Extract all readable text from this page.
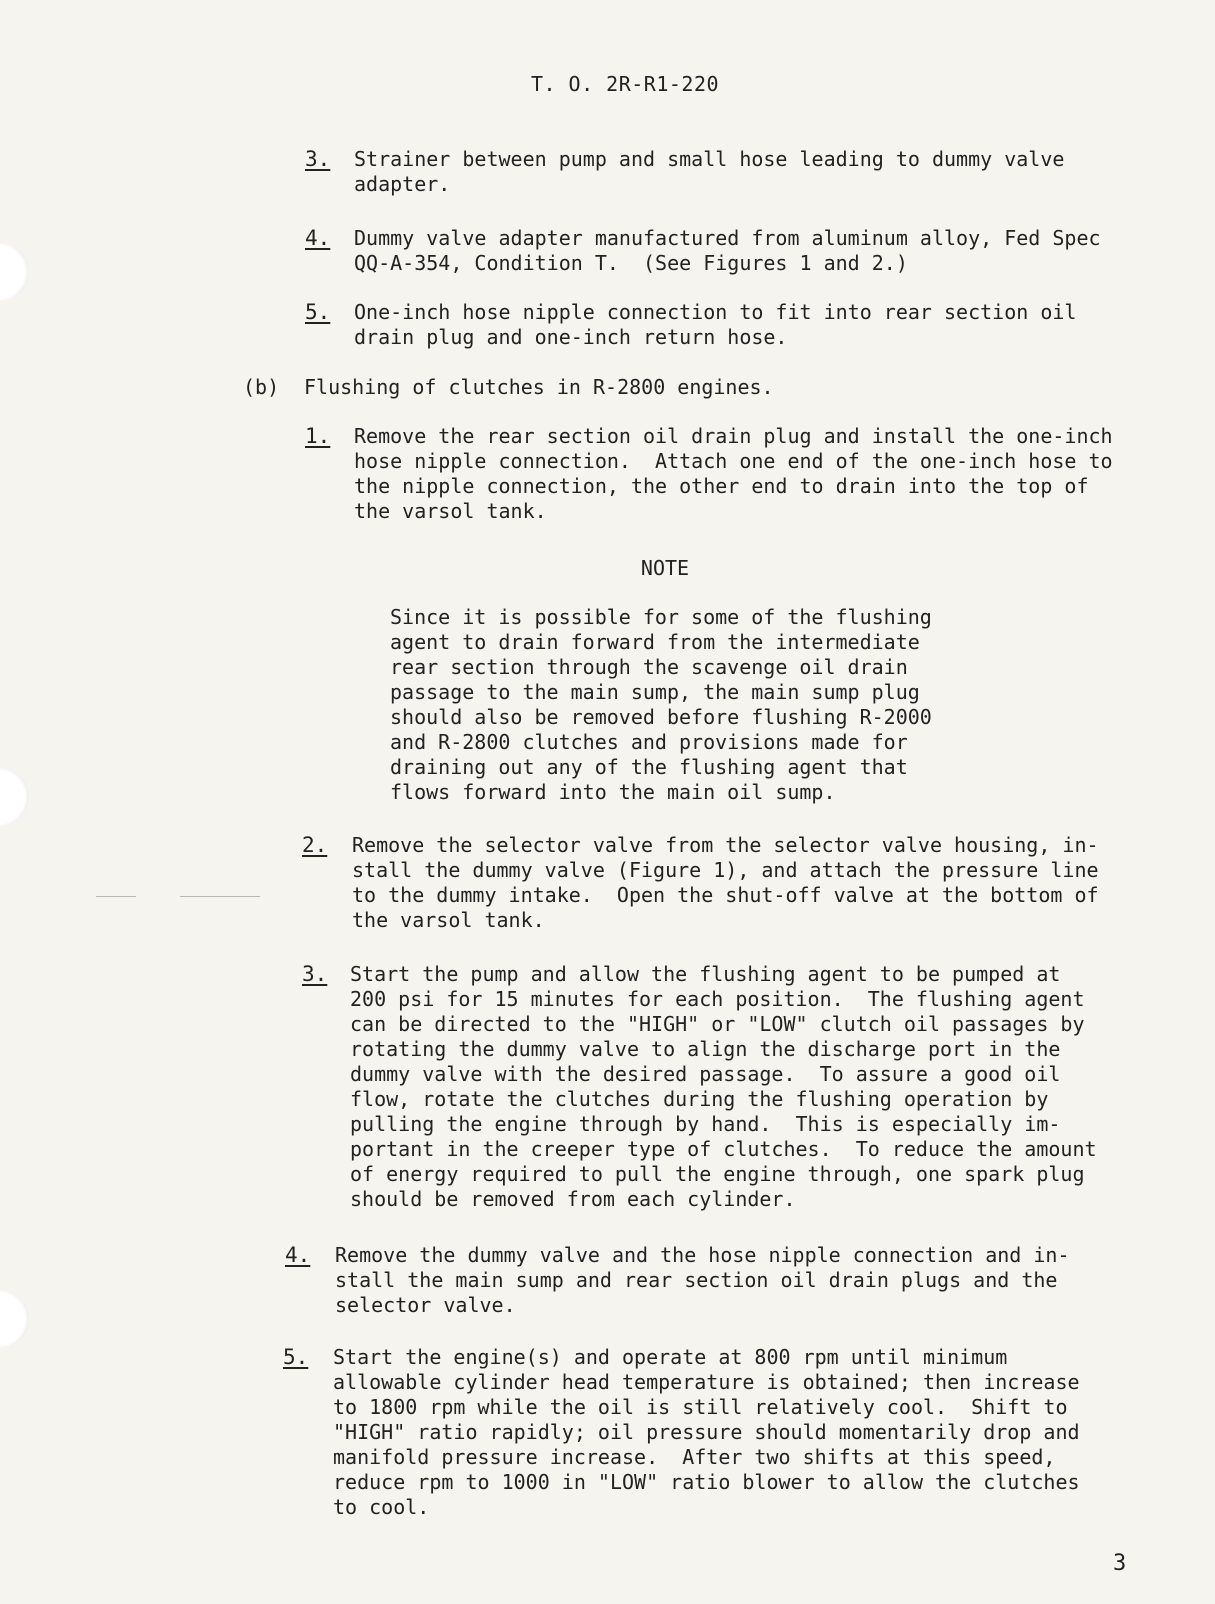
T. O. 2R-R1-220
3. Strainer between pump and small hose leading to dummy valve
adapter.
4. Dummy valve adapter manufactured from aluminum alloy, Fed Spec
QQ-A-354, Condition T.  (See Figures 1 and 2.)
5. One-inch hose nipple connection to fit into rear section oil
drain plug and one-inch return hose.
(b) Flushing of clutches in R-2800 engines.
1. Remove the rear section oil drain plug and install the one-inch
hose nipple connection.  Attach one end of the one-inch hose to
the nipple connection, the other end to drain into the top of
the varsol tank.
NOTE
Since it is possible for some of the flushing
agent to drain forward from the intermediate
rear section through the scavenge oil drain
passage to the main sump, the main sump plug
should also be removed before flushing R-2000
and R-2800 clutches and provisions made for
draining out any of the flushing agent that
flows forward into the main oil sump.
2. Remove the selector valve from the selector valve housing, in-
stall the dummy valve (Figure 1), and attach the pressure line
to the dummy intake.  Open the shut-off valve at the bottom of
the varsol tank.
3. Start the pump and allow the flushing agent to be pumped at
200 psi for 15 minutes for each position.  The flushing agent
can be directed to the "HIGH" or "LOW" clutch oil passages by
rotating the dummy valve to align the discharge port in the
dummy valve with the desired passage.  To assure a good oil
flow, rotate the clutches during the flushing operation by
pulling the engine through by hand.  This is especially im-
portant in the creeper type of clutches.  To reduce the amount
of energy required to pull the engine through, one spark plug
should be removed from each cylinder.
4. Remove the dummy valve and the hose nipple connection and in-
stall the main sump and rear section oil drain plugs and the
selector valve.
5. Start the engine(s) and operate at 800 rpm until minimum
allowable cylinder head temperature is obtained; then increase
to 1800 rpm while the oil is still relatively cool.  Shift to
"HIGH" ratio rapidly; oil pressure should momentarily drop and
manifold pressure increase.  After two shifts at this speed,
reduce rpm to 1000 in "LOW" ratio blower to allow the clutches
to cool.
3
